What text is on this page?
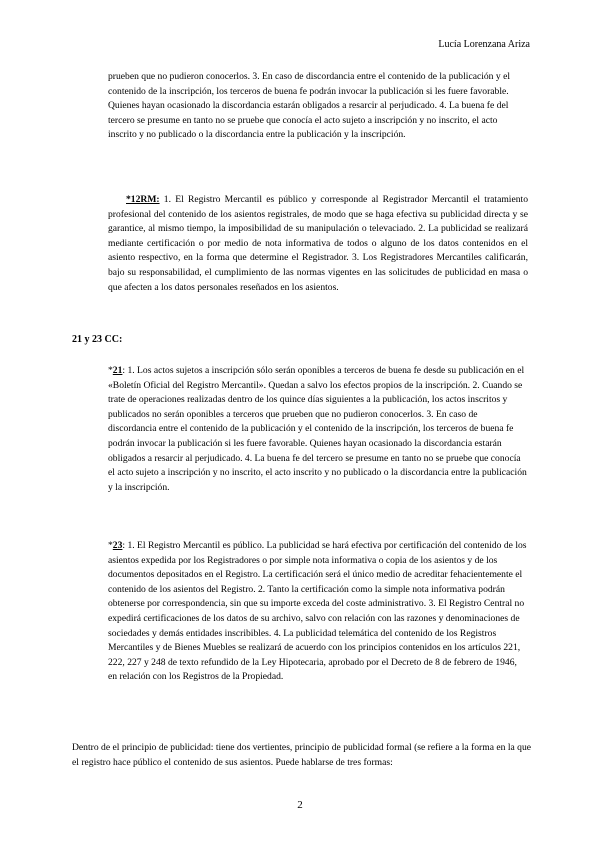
Lucía Lorenzana Ariza
prueben que no pudieron conocerlos. 3. En caso de discordancia entre el contenido de la publicación y el contenido de la inscripción, los terceros de buena fe podrán invocar la publicación si les fuere favorable. Quienes hayan ocasionado la discordancia estarán obligados a resarcir al perjudicado. 4. La buena fe del tercero se presume en tanto no se pruebe que conocía el acto sujeto a inscripción y no inscrito, el acto inscrito y no publicado o la discordancia entre la publicación y la inscripción.
*12RM: 1. El Registro Mercantil es público y corresponde al Registrador Mercantil el tratamiento profesional del contenido de los asientos registrales, de modo que se haga efectiva su publicidad directa y se garantice, al mismo tiempo, la imposibilidad de su manipulación o televaciado. 2. La publicidad se realizará mediante certificación o por medio de nota informativa de todos o alguno de los datos contenidos en el asiento respectivo, en la forma que determine el Registrador. 3. Los Registradores Mercantiles calificarán, bajo su responsabilidad, el cumplimiento de las normas vigentes en las solicitudes de publicidad en masa o que afecten a los datos personales reseñados en los asientos.
21 y 23 CC:
*21: 1. Los actos sujetos a inscripción sólo serán oponibles a terceros de buena fe desde su publicación en el «Boletín Oficial del Registro Mercantil». Quedan a salvo los efectos propios de la inscripción. 2. Cuando se trate de operaciones realizadas dentro de los quince días siguientes a la publicación, los actos inscritos y publicados no serán oponibles a terceros que prueben que no pudieron conocerlos. 3. En caso de discordancia entre el contenido de la publicación y el contenido de la inscripción, los terceros de buena fe podrán invocar la publicación si les fuere favorable. Quienes hayan ocasionado la discordancia estarán obligados a resarcir al perjudicado. 4. La buena fe del tercero se presume en tanto no se pruebe que conocía el acto sujeto a inscripción y no inscrito, el acto inscrito y no publicado o la discordancia entre la publicación y la inscripción.
*23: 1. El Registro Mercantil es público. La publicidad se hará efectiva por certificación del contenido de los asientos expedida por los Registradores o por simple nota informativa o copia de los asientos y de los documentos depositados en el Registro. La certificación será el único medio de acreditar fehacientemente el contenido de los asientos del Registro. 2. Tanto la certificación como la simple nota informativa podrán obtenerse por correspondencia, sin que su importe exceda del coste administrativo. 3. El Registro Central no expedirá certificaciones de los datos de su archivo, salvo con relación con las razones y denominaciones de sociedades y demás entidades inscribibles. 4. La publicidad telemática del contenido de los Registros Mercantiles y de Bienes Muebles se realizará de acuerdo con los principios contenidos en los artículos 221, 222, 227 y 248 de texto refundido de la Ley Hipotecaria, aprobado por el Decreto de 8 de febrero de 1946, en relación con los Registros de la Propiedad.
Dentro de el principio de publicidad: tiene dos vertientes, principio de publicidad formal (se refiere a la forma en la que el registro hace público el contenido de sus asientos. Puede hablarse de tres formas:
2
